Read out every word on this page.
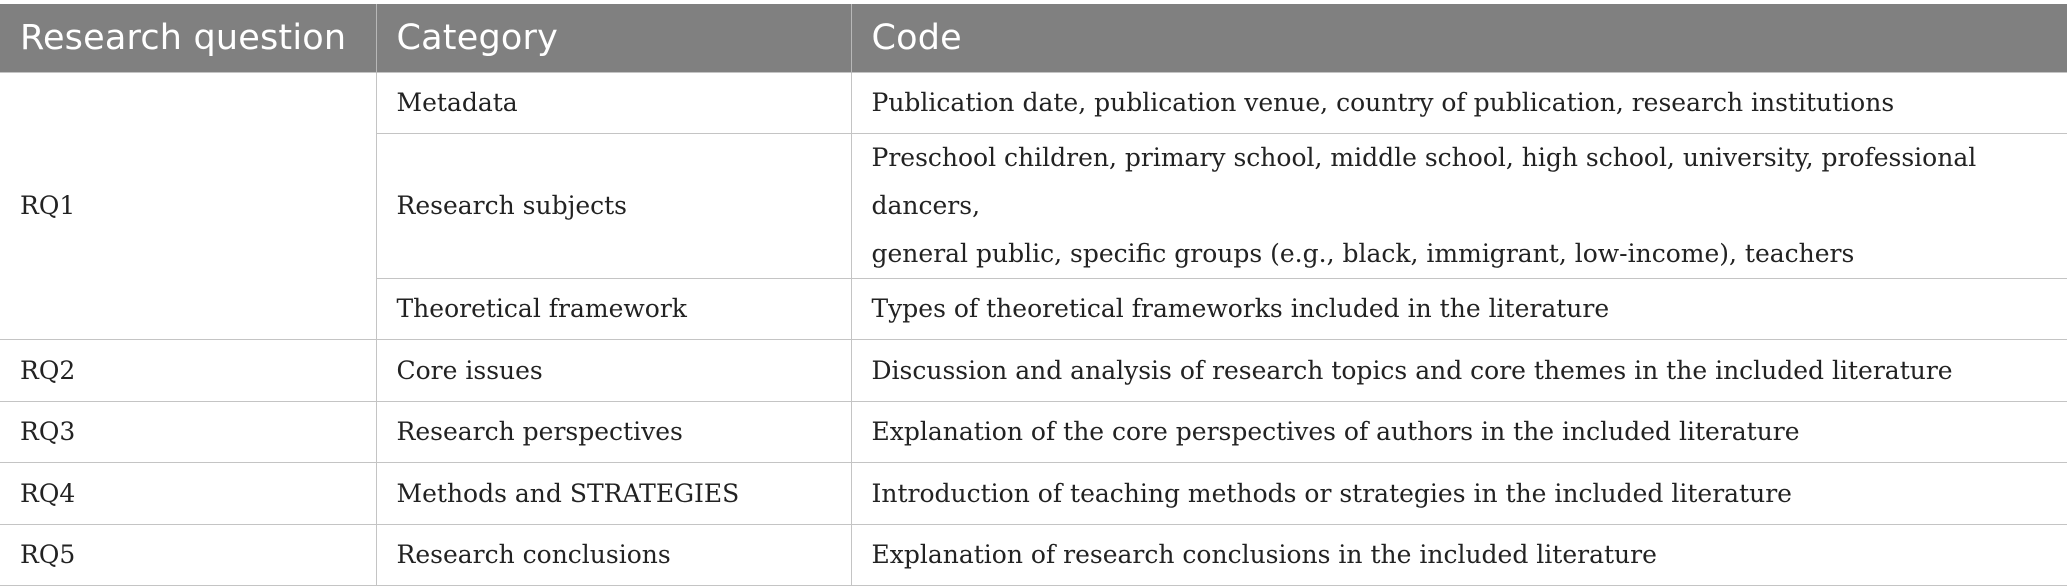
Research question	Category	Code
RQ1	Metadata	Publication date, publication venue, country of publication, research institutions
	Research subjects	Preschool children, primary school, middle school, high school, university, professional dancers,
general public, specific groups (e.g., black, immigrant, low-income), teachers

	Theoretical framework	Types of theoretical frameworks included in the literature
RQ2	Core issues	Discussion and analysis of research topics and core themes in the included literature
RQ3	Research perspectives	Explanation of the core perspectives of authors in the included literature
RQ4	Methods and STRATEGIES	Introduction of teaching methods or strategies in the included literature
RQ5	Research conclusions	Explanation of research conclusions in the included literature
